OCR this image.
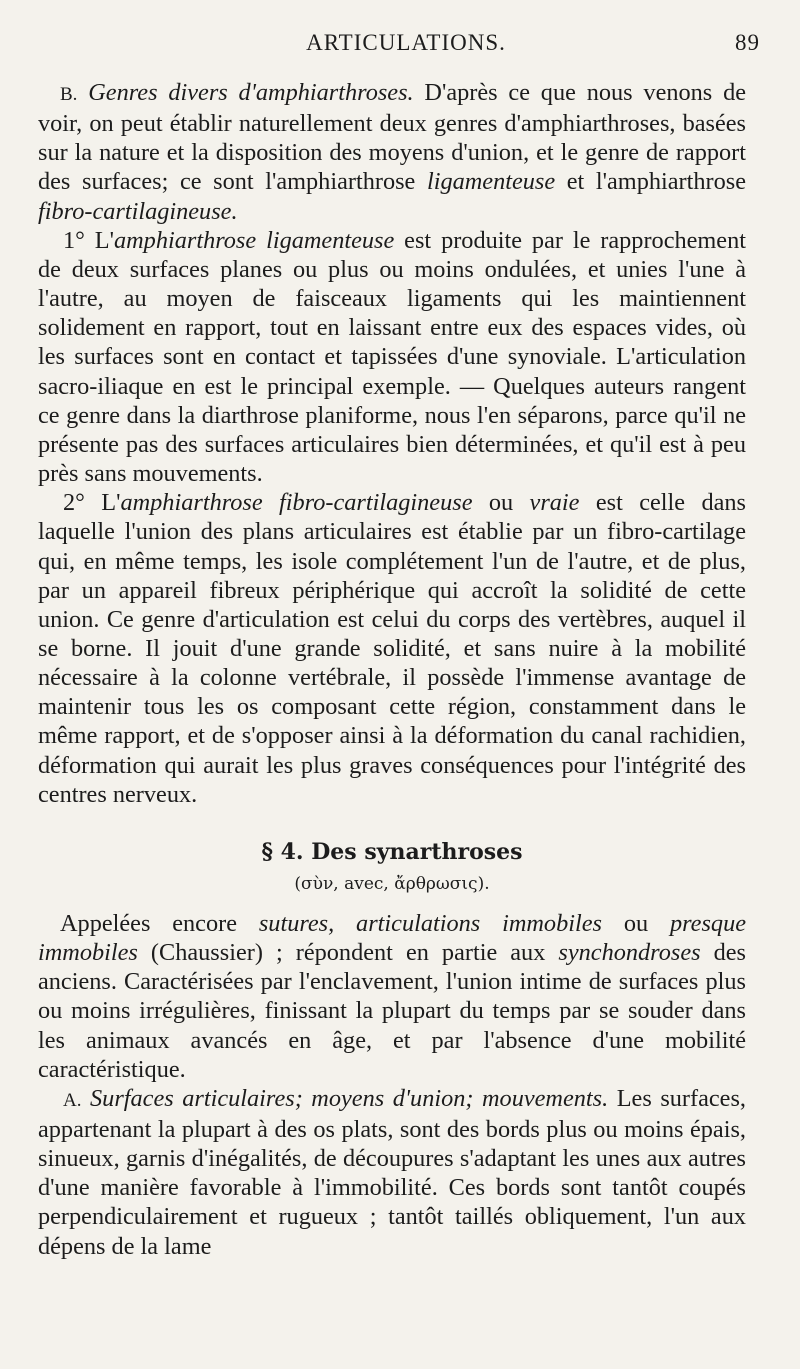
ARTICULATIONS.	89

B. Genres divers d'amphiarthroses. D'après ce que nous venons de voir, on peut établir naturellement deux genres d'amphiarthroses, basées sur la nature et la disposition des moyens d'union, et le genre de rapport des surfaces; ce sont l'amphiarthrose ligamenteuse et l'amphiarthrose fibro-cartilagineuse.

1° L'amphiarthrose ligamenteuse est produite par le rapprochement de deux surfaces planes ou plus ou moins ondulées, et unies l'une à l'autre, au moyen de faisceaux ligaments qui les maintiennent solidement en rapport, tout en laissant entre eux des espaces vides, où les surfaces sont en contact et tapissées d'une synoviale. L'articulation sacro-iliaque en est le principal exemple. — Quelques auteurs rangent ce genre dans la diarthrose planiforme, nous l'en séparons, parce qu'il ne présente pas des surfaces articulaires bien déterminées, et qu'il est à peu près sans mouvements.

2° L'amphiarthrose fibro-cartilagineuse ou vraie est celle dans laquelle l'union des plans articulaires est établie par un fibro-cartilage qui, en même temps, les isole complétement l'un de l'autre, et de plus, par un appareil fibreux périphérique qui accroît la solidité de cette union. Ce genre d'articulation est celui du corps des vertèbres, auquel il se borne. Il jouit d'une grande solidité, et sans nuire à la mobilité nécessaire à la colonne vertébrale, il possède l'immense avantage de maintenir tous les os composant cette région, constamment dans le même rapport, et de s'opposer ainsi à la déformation du canal rachidien, déformation qui aurait les plus graves conséquences pour l'intégrité des centres nerveux.

§ 4. Des synarthroses
(σὺν, avec, ἄρθρωσις).

Appelées encore sutures, articulations immobiles ou presque immobiles (Chaussier) ; répondent en partie aux synchondroses des anciens. Caractérisées par l'enclavement, l'union intime de surfaces plus ou moins irrégulières, finissant la plupart du temps par se souder dans les animaux avancés en âge, et par l'absence d'une mobilité caractéristique.

A. Surfaces articulaires; moyens d'union; mouvements. Les surfaces, appartenant la plupart à des os plats, sont des bords plus ou moins épais, sinueux, garnis d'inégalités, de découpures s'adaptant les unes aux autres d'une manière favorable à l'immobilité. Ces bords sont tantôt coupés perpendiculairement et rugueux ; tantôt taillés obliquement, l'un aux dépens de la lame
